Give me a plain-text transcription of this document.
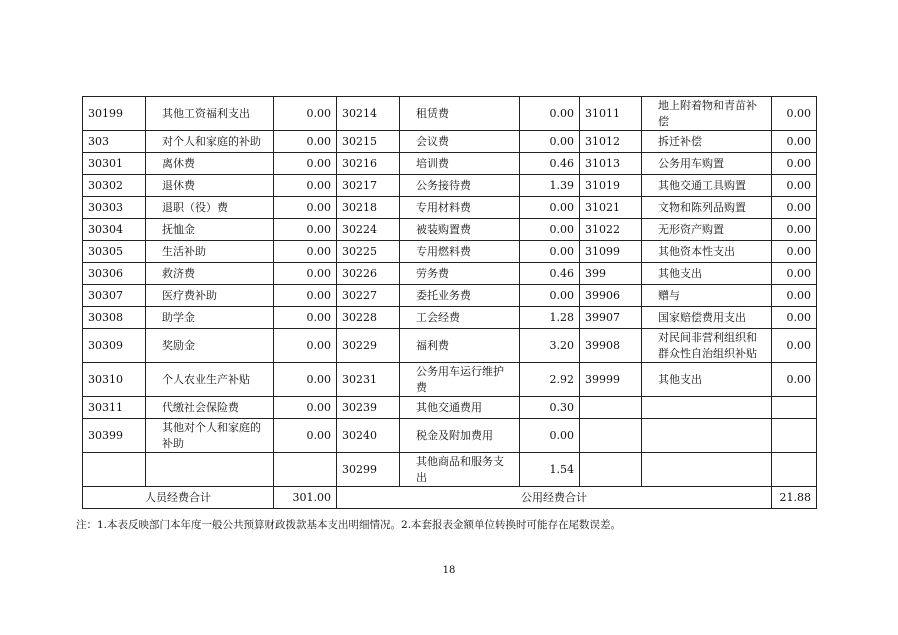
30199	其他工资福利支出	0.00	30214	租赁费	0.00	31011	地上附着物和青苗补偿	0.00
303	对个人和家庭的补助	0.00	30215	会议费	0.00	31012	拆迁补偿	0.00
30301	离休费	0.00	30216	培训费	0.46	31013	公务用车购置	0.00
30302	退休费	0.00	30217	公务接待费	1.39	31019	其他交通工具购置	0.00
30303	退职（役）费	0.00	30218	专用材料费	0.00	31021	文物和陈列品购置	0.00
30304	抚恤金	0.00	30224	被装购置费	0.00	31022	无形资产购置	0.00
30305	生活补助	0.00	30225	专用燃料费	0.00	31099	其他资本性支出	0.00
30306	救济费	0.00	30226	劳务费	0.46	399	其他支出	0.00
30307	医疗费补助	0.00	30227	委托业务费	0.00	39906	赠与	0.00
30308	助学金	0.00	30228	工会经费	1.28	39907	国家赔偿费用支出	0.00
30309	奖励金	0.00	30229	福利费	3.20	39908	对民间非营利组织和群众性自治组织补贴	0.00
30310	个人农业生产补贴	0.00	30231	公务用车运行维护费	2.92	39999	其他支出	0.00
30311	代缴社会保险费	0.00	30239	其他交通费用	0.30			
30399	其他对个人和家庭的补助	0.00	30240	税金及附加费用	0.00			
			30299	其他商品和服务支出	1.54			
人员经费合计		301.00	公用经费合计					21.88
注：1.本表反映部门本年度一般公共预算财政拨款基本支出明细情况。2.本套报表金额单位转换时可能存在尾数误差。
18
